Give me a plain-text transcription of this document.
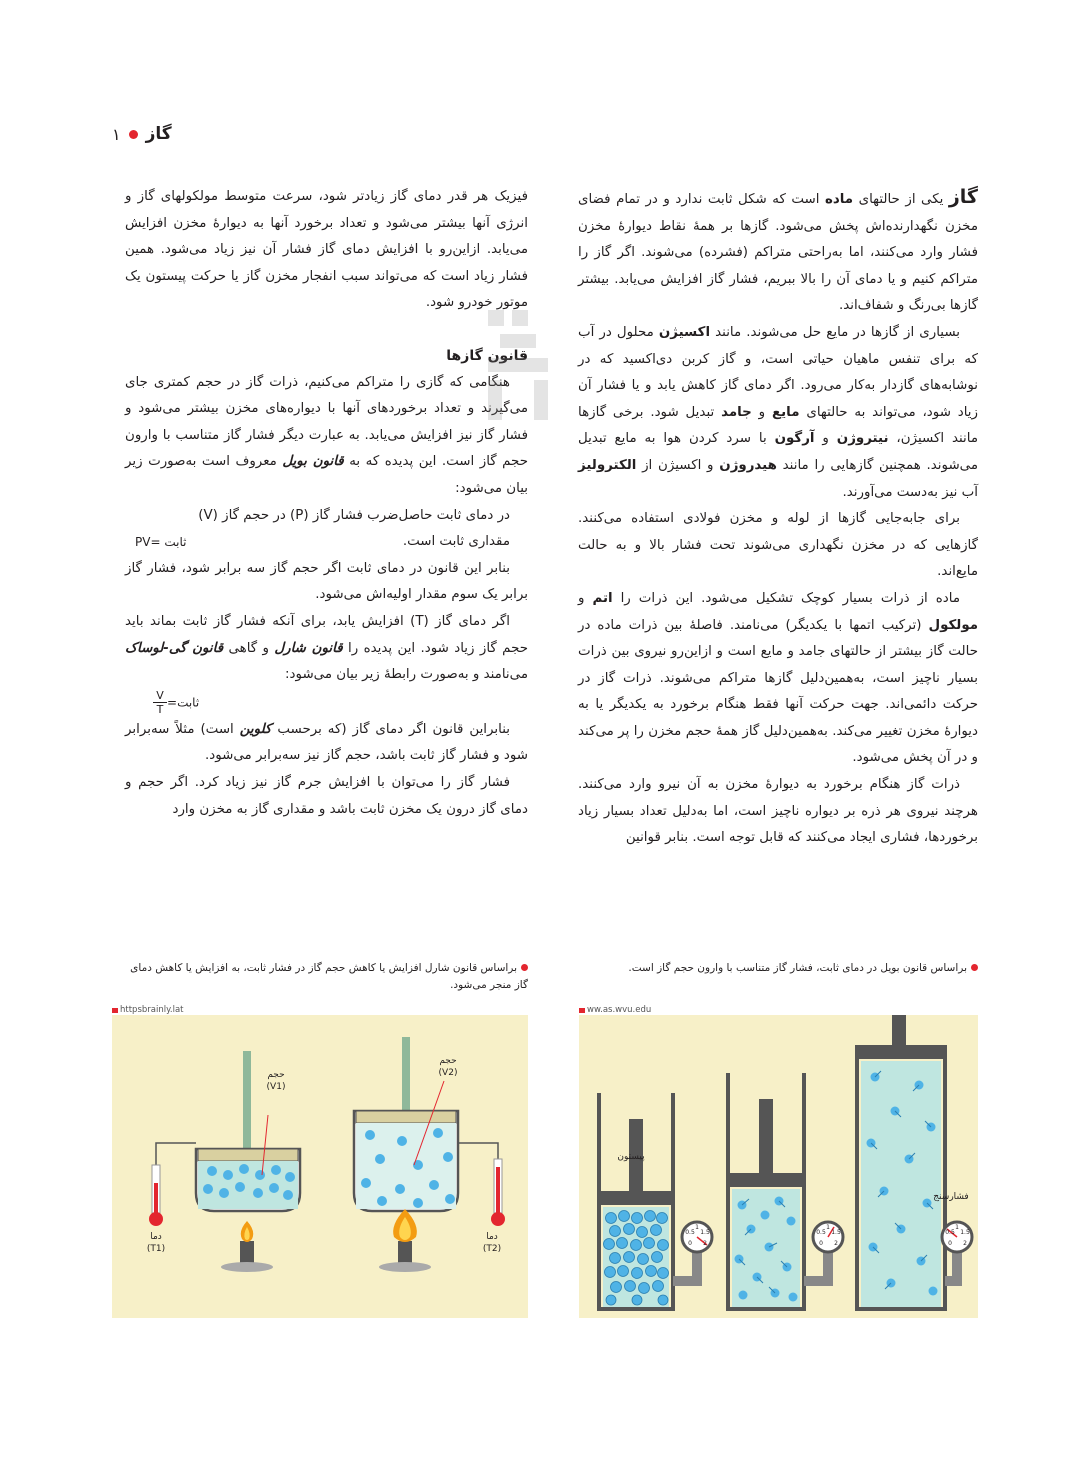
گاز
۱

گاز یکی از حالتهای ماده است که شکل ثابت ندارد و در تمام فضای مخزن نگهدارنده‌اش پخش می‌شود. گازها بر همهٔ نقاط دیوارهٔ مخزن فشار وارد می‌کنند، اما به‌راحتی متراکم (فشرده) می‌شوند. اگر گاز را متراکم کنیم و یا دمای آن را بالا ببریم، فشار گاز افزایش می‌یابد. بیشتر گازها بی‌رنگ و شفاف‌اند.

بسیاری از گازها در مایع حل می‌شوند. مانند اکسیژن محلول در آب که برای تنفس ماهیان حیاتی است، و گاز کربن دی‌اکسید که در نوشابه‌های گازدار به‌کار می‌رود. اگر دمای گاز کاهش یابد و یا فشار آن زیاد شود، می‌تواند به حالتهای مایع و جامد تبدیل شود. برخی گازها مانند اکسیژن، نیتروژن و آرگون با سرد کردن هوا به مایع تبدیل می‌شوند. همچنین گازهایی را مانند هیدروژن و اکسیژن از الکترولیز آب نیز به‌دست می‌آورند.

برای جابه‌جایی گازها از لوله و مخزن فولادی استفاده می‌کنند. گازهایی که در مخزن نگهداری می‌شوند تحت فشار بالا و به حالت مایع‌اند.

ماده از ذرات بسیار کوچک تشکیل می‌شود. این ذرات را اتم و مولکول (ترکیب اتمها با یکدیگر) می‌نامند. فاصلهٔ بین ذرات ماده در حالت گاز بیشتر از حالتهای جامد و مایع است و ازاین‌رو نیروی بین ذرات بسیار ناچیز است، به‌همین‌دلیل گازها متراکم می‌شوند. ذرات گاز در حرکت دائمی‌اند. جهت حرکت آنها فقط هنگام برخورد به یکدیگر یا به دیوارهٔ مخزن تغییر می‌کند. به‌همین‌دلیل گاز همهٔ حجم مخزن را پر می‌کند و در آن پخش می‌شود.

ذرات گاز هنگام برخورد به دیوارهٔ مخزن به آن نیرو وارد می‌کنند. هرچند نیروی هر ذره بر دیواره ناچیز است، اما به‌دلیل تعداد بسیار زیاد برخوردها، فشاری ایجاد می‌کنند که قابل توجه است. بنابر قوانین

فیزیک هر قدر دمای گاز زیادتر شود، سرعت متوسط مولکولهای گاز و انرژی آنها بیشتر می‌شود و تعداد برخورد آنها به دیوارهٔ مخزن افزایش می‌یابد. ازاین‌رو با افزایش دمای گاز فشار آن نیز زیاد می‌شود. همین فشار زیاد است که می‌تواند سبب انفجار مخزن گاز یا حرکت پیستون یک موتور خودرو شود.

قانون گازها

هنگامی که گازی را متراکم می‌کنیم، ذرات گاز در حجم کمتری جای می‌گیرند و تعداد برخوردهای آنها با دیواره‌های مخزن بیشتر می‌شود و فشار گاز نیز افزایش می‌یابد. به عبارت دیگر فشار گاز متناسب با وارون حجم گاز است. این پدیده که به قانون بویل معروف است به‌صورت زیر بیان می‌شود:

در دمای ثابت حاصل‌ضرب فشار گاز (P) در حجم گاز (V)

مقداری ثابت است.
PV= ثابت

بنابر این قانون در دمای ثابت اگر حجم گاز سه برابر شود، فشار گاز برابر یک سوم مقدار اولیه‌اش می‌شود.

اگر دمای گاز (T) افزایش یابد، برای آنکه فشار گاز ثابت بماند باید حجم گاز زیاد شود. این پدیده را قانون شارل و گاهی قانون گی-لوساک می‌نامند و به‌صورت رابطهٔ زیر بیان می‌شود:

$\frac{V}{T}$ =ثابت

بنابراین قانون اگر دمای گاز (که برحسب کلوین است) مثلاً سه‌برابر شود و فشار گاز ثابت باشد، حجم گاز نیز سه‌برابر می‌شود.

فشار گاز را می‌توان با افزایش جرم گاز نیز زیاد کرد. اگر حجم و دمای گاز درون یک مخزن ثابت باشد و مقداری گاز به مخزن وارد

براساس قانون بویل در دمای ثابت، فشار گاز متناسب با وارون حجم گاز است.
براساس قانون شارل افزایش یا کاهش حجم گاز در فشار ثابت، به افزایش یا کاهش دمای گاز منجر می‌شود.
ww.as.wvu.edu
httpsbrainly.lat
پیستون
فشارسنج
0.5
1
1.5
0 2
0.5
1
1.5
0 2
0.5
1
1.5
0 2
حجم
(V1)
دما
(T1)
حجم
(V2)
دما
(T2)
